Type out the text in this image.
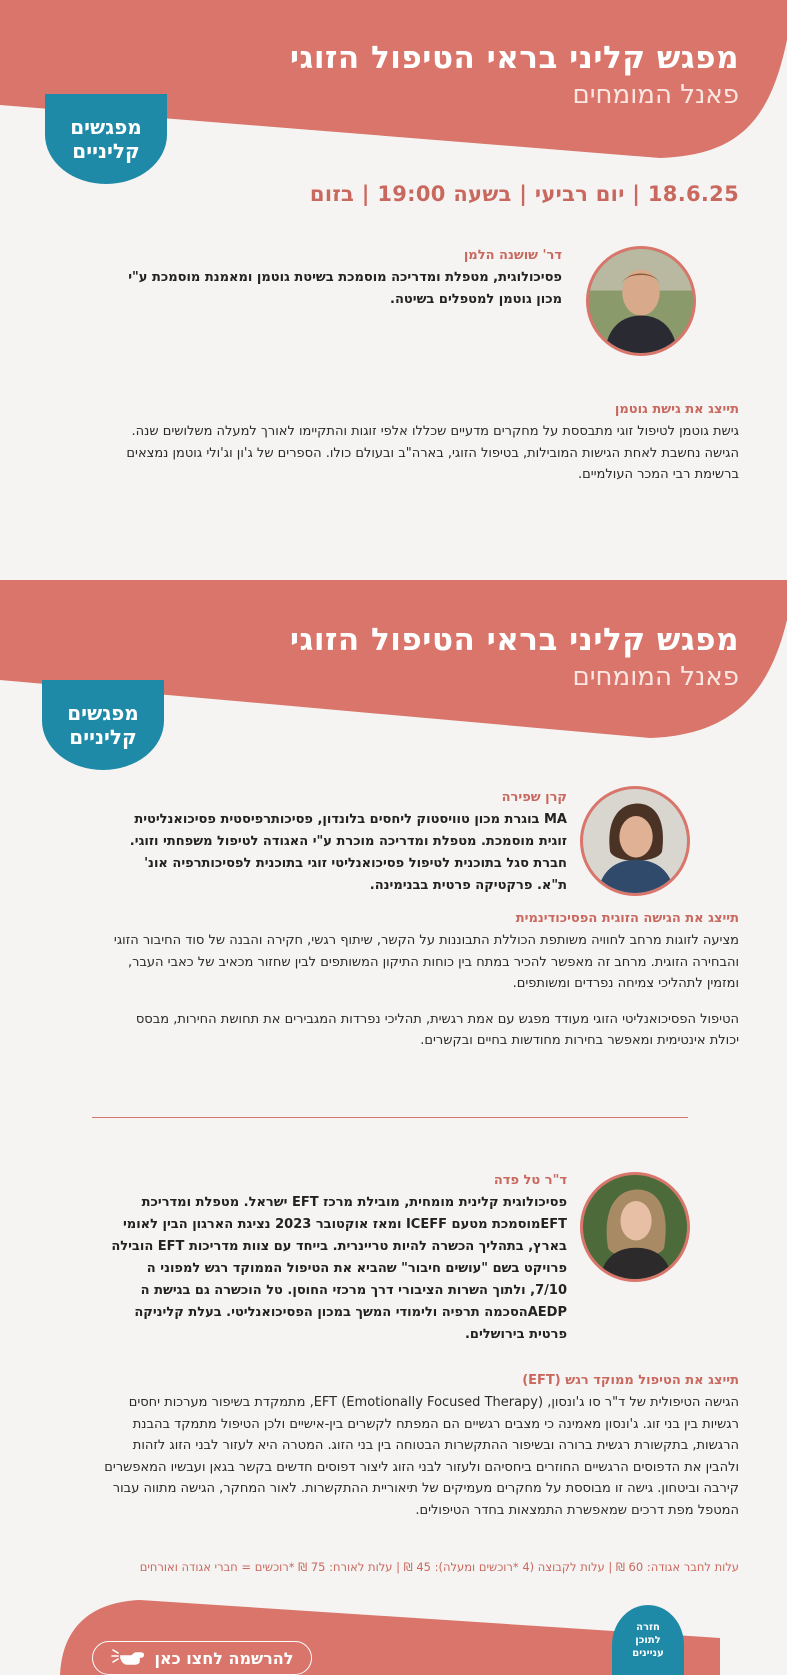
מפגש קליני בראי הטיפול הזוגי
פאנל המומחים
מפגשים
קליניים
18.6.25 | יום רביעי | בשעה 19:00 | בזום
דר' שושנה הלמן
פסיכולוגית, מטפלת ומדריכה מוסמכת בשיטת גוטמן ומאמנת מוסמכת ע"י
מכון גוטמן למטפלים בשיטה.
תייצג את גישת גוטמן
גישת גוטמן לטיפול זוגי מתבססת על מחקרים מדעיים שכללו אלפי זוגות והתקיימו לאורך למעלה משלושים שנה.
הגישה נחשבת לאחת הגישות המובילות, בטיפול הזוגי, בארה"ב ובעולם כולו. הספרים של ג'ון וג'ולי גוטמן נמצאים
ברשימת רבי המכר העולמיים.
מפגש קליני בראי הטיפול הזוגי
פאנל המומחים
מפגשים
קליניים
קרן שפירה
MA בוגרת מכון טוויסטוק ליחסים בלונדון, פסיכותרפיסטית פסיכואנליטית
זוגית מוסמכת. מטפלת ומדריכה מוכרת ע"י האגודה לטיפול משפחתי וזוגי.
חברת סגל בתוכנית לטיפול פסיכואנליטי זוגי בתוכנית לפסיכותרפיה אונ'
ת"א. פרקטיקה פרטית בבנימינה.
תייצג את הגישה הזוגית הפסיכודינמית
מציעה לזוגות מרחב לחוויה משותפת הכוללת התבוננות על הקשר, שיתוף רגשי, חקירה והבנה של סוד החיבור הזוגי
והבחירה הזוגית. מרחב זה מאפשר להכיר במתח בין כוחות התיקון המשותפים לבין שחזור מכאיב של כאבי העבר,
ומזמין לתהליכי צמיחה נפרדים ומשותפים.
הטיפול הפסיכואנליטי הזוגי מעודד מפגש עם אמת רגשית, תהליכי נפרדות המגבירים את תחושת החירות, מבסס
יכולת אינטימית ומאפשר בחירות מחודשות בחיים ובקשרים.
ד"ר טל פדה
פסיכולוגית קלינית מומחית, מובילת מרכז EFT ישראל. מטפלת ומדריכת
EFTמוסמכת מטעם ICEFF ומאז אוקטובר 2023 נציגת הארגון הבין לאומי
בארץ, בתהליך הכשרה להיות טריינרית. בייחד עם צוות מדריכות EFT הובילה
פרויקט בשם "עושים חיבור" שהביא את הטיפול הממוקד רגש למפוני ה
7/10, ולתוך השרות הציבורי דרך מרכזי החוסן. טל הוכשרה גם בגישת ה
AEDPהסכמה תרפיה ולימודי המשך במכון הפסיכואנליטי. בעלת קליניקה
פרטית בירושלים.
תייצג את הטיפול ממוקד רגש (EFT)
הגישה הטיפולית של ד"ר סו ג'ונסון, EFT (Emotionally Focused Therapy), מתמקדת בשיפור מערכות יחסים
רגשיות בין בני זוג. ג'ונסון מאמינה כי מצבים רגשיים הם המפתח לקשרים בין-אישיים ולכן הטיפול מתמקד בהבנת
הרגשות, בתקשורת רגשית ברורה ובשיפור ההתקשרות הבטוחה בין בני הזוג. המטרה היא לעזור לבני הזוג לזהות
ולהבין את הדפוסים הרגשיים החוזרים ביחסיהם ולעזור לבני הזוג ליצור דפוסים חדשים בקשר בגאן ועבשיו המאפשרים
קירבה וביטחון. גישה זו מבוססת על מחקרים מעמיקים של תיאוריית ההתקשרות. לאור המחקר, הגישה מתווה עבור
המטפל מפת דרכים שמאפשרת התמצאות בחדר הטיפולים.
עלות לחבר אגודה: 60 ₪ | עלות לקבוצה (4 *רוכשים ומעלה): 45 ₪ | עלות לאורח: 75 ₪ *רוכשים = חברי אגודה ואורחים
חזרה
לתוכן
עניינים
להרשמה לחצו כאן
